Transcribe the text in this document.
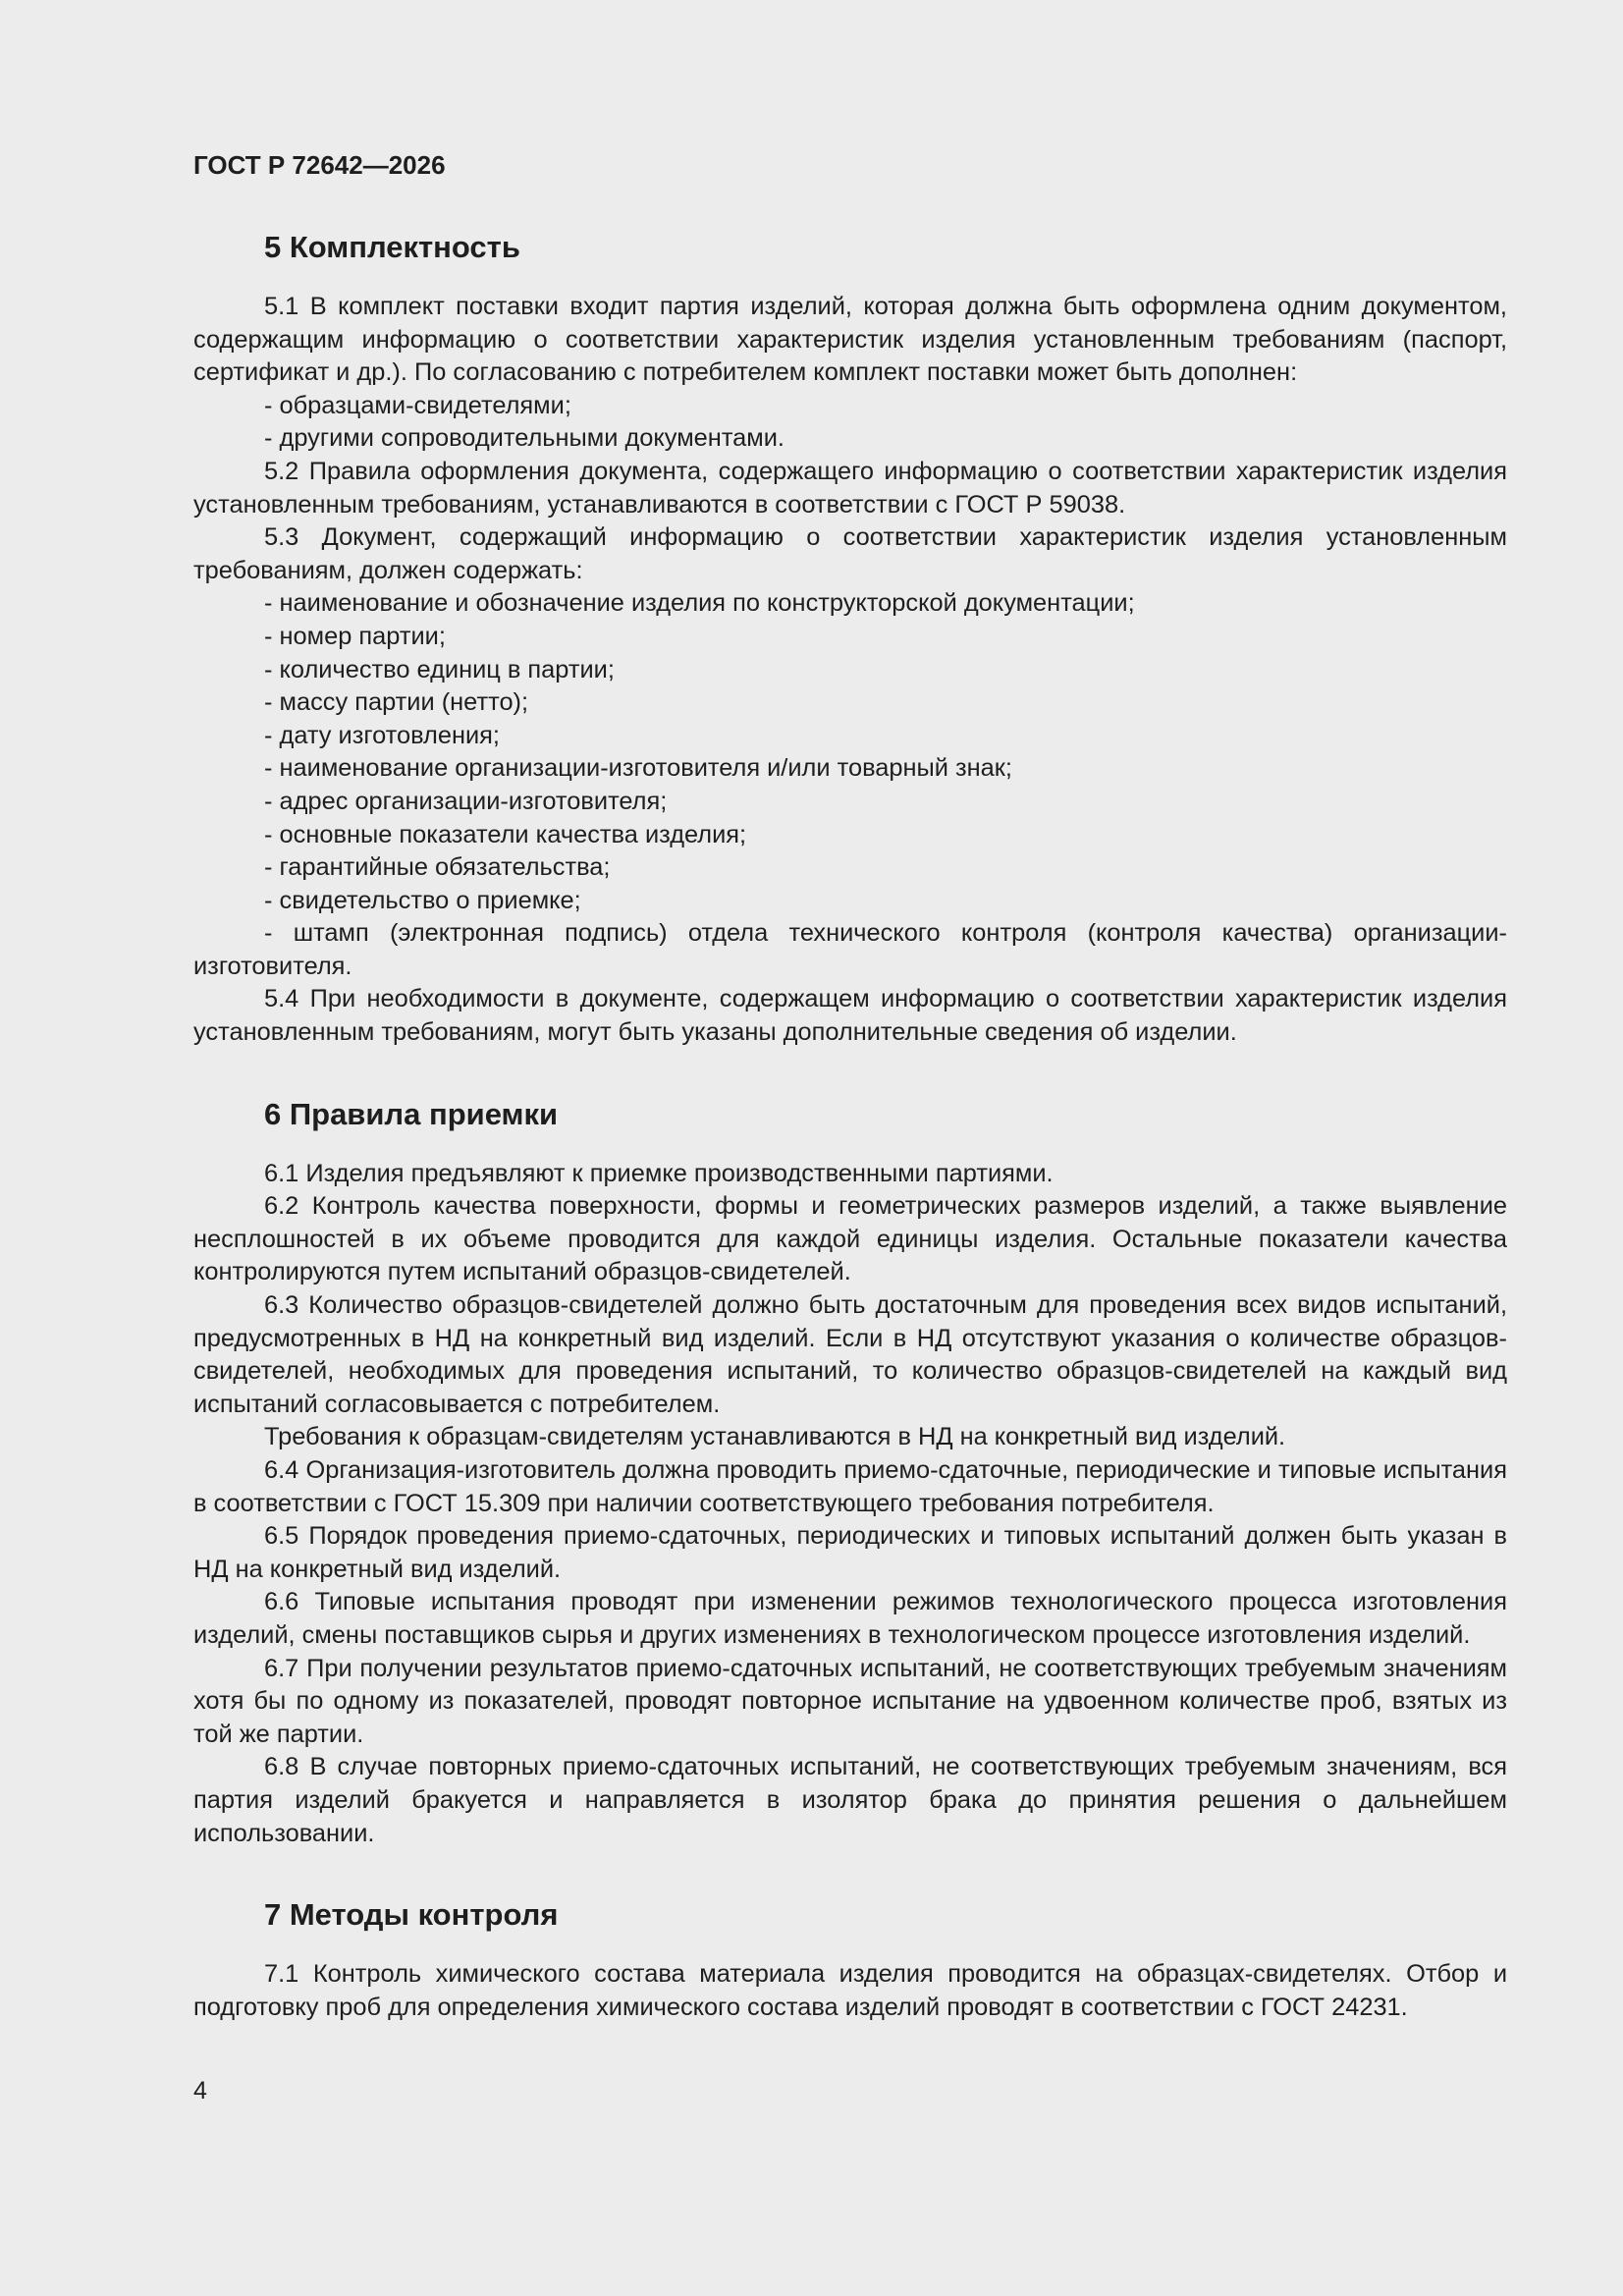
ГОСТ Р 72642—2026
5 Комплектность

5.1 В комплект поставки входит партия изделий, которая должна быть оформлена одним документом, содержащим информацию о соответствии характеристик изделия установленным требованиям (паспорт, сертификат и др.). По согласованию с потребителем комплект поставки может быть дополнен:

- образцами-свидетелями;
- другими сопроводительными документами.

5.2 Правила оформления документа, содержащего информацию о соответствии характеристик изделия установленным требованиям, устанавливаются в соответствии с ГОСТ Р 59038.

5.3 Документ, содержащий информацию о соответствии характеристик изделия установленным требованиям, должен содержать:

- наименование и обозначение изделия по конструкторской документации;
- номер партии;
- количество единиц в партии;
- массу партии (нетто);
- дату изготовления;
- наименование организации-изготовителя и/или товарный знак;
- адрес организации-изготовителя;
- основные показатели качества изделия;
- гарантийные обязательства;
- свидетельство о приемке;
- штамп (электронная подпись) отдела технического контроля (контроля качества) организации-изготовителя.

5.4 При необходимости в документе, содержащем информацию о соответствии характеристик изделия установленным требованиям, могут быть указаны дополнительные сведения об изделии.

6 Правила приемки

6.1 Изделия предъявляют к приемке производственными партиями.

6.2 Контроль качества поверхности, формы и геометрических размеров изделий, а также выявление несплошностей в их объеме проводится для каждой единицы изделия. Остальные показатели качества контролируются путем испытаний образцов-свидетелей.

6.3 Количество образцов-свидетелей должно быть достаточным для проведения всех видов испытаний, предусмотренных в НД на конкретный вид изделий. Если в НД отсутствуют указания о количестве образцов-свидетелей, необходимых для проведения испытаний, то количество образцов-свидетелей на каждый вид испытаний согласовывается с потребителем.

Требования к образцам-свидетелям устанавливаются в НД на конкретный вид изделий.

6.4 Организация-изготовитель должна проводить приемо-сдаточные, периодические и типовые испытания в соответствии с ГОСТ 15.309 при наличии соответствующего требования потребителя.

6.5 Порядок проведения приемо-сдаточных, периодических и типовых испытаний должен быть указан в НД на конкретный вид изделий.

6.6 Типовые испытания проводят при изменении режимов технологического процесса изготовления изделий, смены поставщиков сырья и других изменениях в технологическом процессе изготовления изделий.

6.7 При получении результатов приемо-сдаточных испытаний, не соответствующих требуемым значениям хотя бы по одному из показателей, проводят повторное испытание на удвоенном количестве проб, взятых из той же партии.

6.8 В случае повторных приемо-сдаточных испытаний, не соответствующих требуемым значениям, вся партия изделий бракуется и направляется в изолятор брака до принятия решения о дальнейшем использовании.

7 Методы контроля

7.1 Контроль химического состава материала изделия проводится на образцах-свидетелях. Отбор и подготовку проб для определения химического состава изделий проводят в соответствии с ГОСТ 24231.

4
